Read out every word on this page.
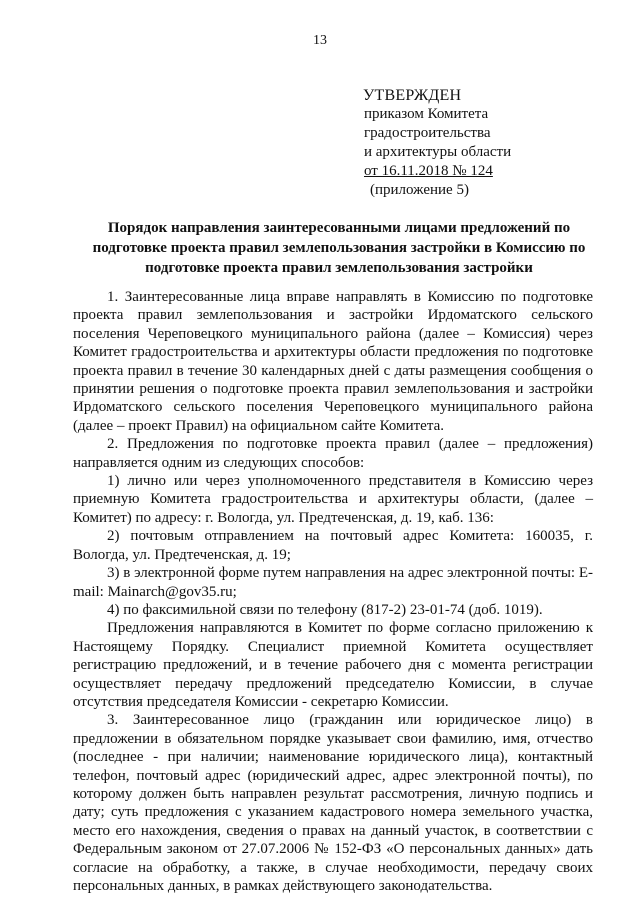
13
УТВЕРЖДЕН
приказом Комитета
градостроительства
и архитектуры области
от 16.11.2018 № 124
(приложение 5)
Порядок направления заинтересованными лицами предложений по подготовке проекта правил землепользования застройки в Комиссию по подготовке проекта правил землепользования застройки

1. Заинтересованные лица вправе направлять в Комиссию по подготовке проекта правил землепользования и застройки Ирдоматского сельского поселения Череповецкого муниципального района (далее – Комиссия) через Комитет градостроительства и архитектуры области предложения по подготовке проекта правил в течение 30 календарных дней с даты размещения сообщения о принятии решения о подготовке проекта правил землепользования и застройки Ирдоматского сельского поселения Череповецкого муниципального района (далее – проект Правил) на официальном сайте Комитета.

2. Предложения по подготовке проекта правил (далее – предложения) направляется одним из следующих способов:

1) лично или через уполномоченного представителя в Комиссию через приемную Комитета градостроительства и архитектуры области, (далее – Комитет) по адресу: г. Вологда, ул. Предтеченская, д. 19, каб. 136:

2) почтовым отправлением на почтовый адрес Комитета: 160035, г. Вологда, ул. Предтеченская, д. 19;

3) в электронной форме путем направления на адрес электронной почты: E-mail: Mainarch@gov35.ru;

4) по факсимильной связи по телефону (817-2) 23-01-74 (доб. 1019).

Предложения направляются в Комитет по форме согласно приложению к Настоящему Порядку. Специалист приемной Комитета осуществляет регистрацию предложений, и в течение рабочего дня с момента регистрации осуществляет передачу предложений председателю Комиссии, в случае отсутствия председателя Комиссии - секретарю Комиссии.

3. Заинтересованное лицо (гражданин или юридическое лицо) в предложении в обязательном порядке указывает свои фамилию, имя, отчество (последнее - при наличии; наименование юридического лица), контактный телефон, почтовый адрес (юридический адрес, адрес электронной почты), по которому должен быть направлен результат рассмотрения, личную подпись и дату; суть предложения с указанием кадастрового номера земельного участка, место его нахождения, сведения о правах на данный участок, в соответствии с Федеральным законом от 27.07.2006 № 152-ФЗ «О персональных данных» дать согласие на обработку, а также, в случае необходимости, передачу своих персональных данных, в рамках действующего законодательства.
